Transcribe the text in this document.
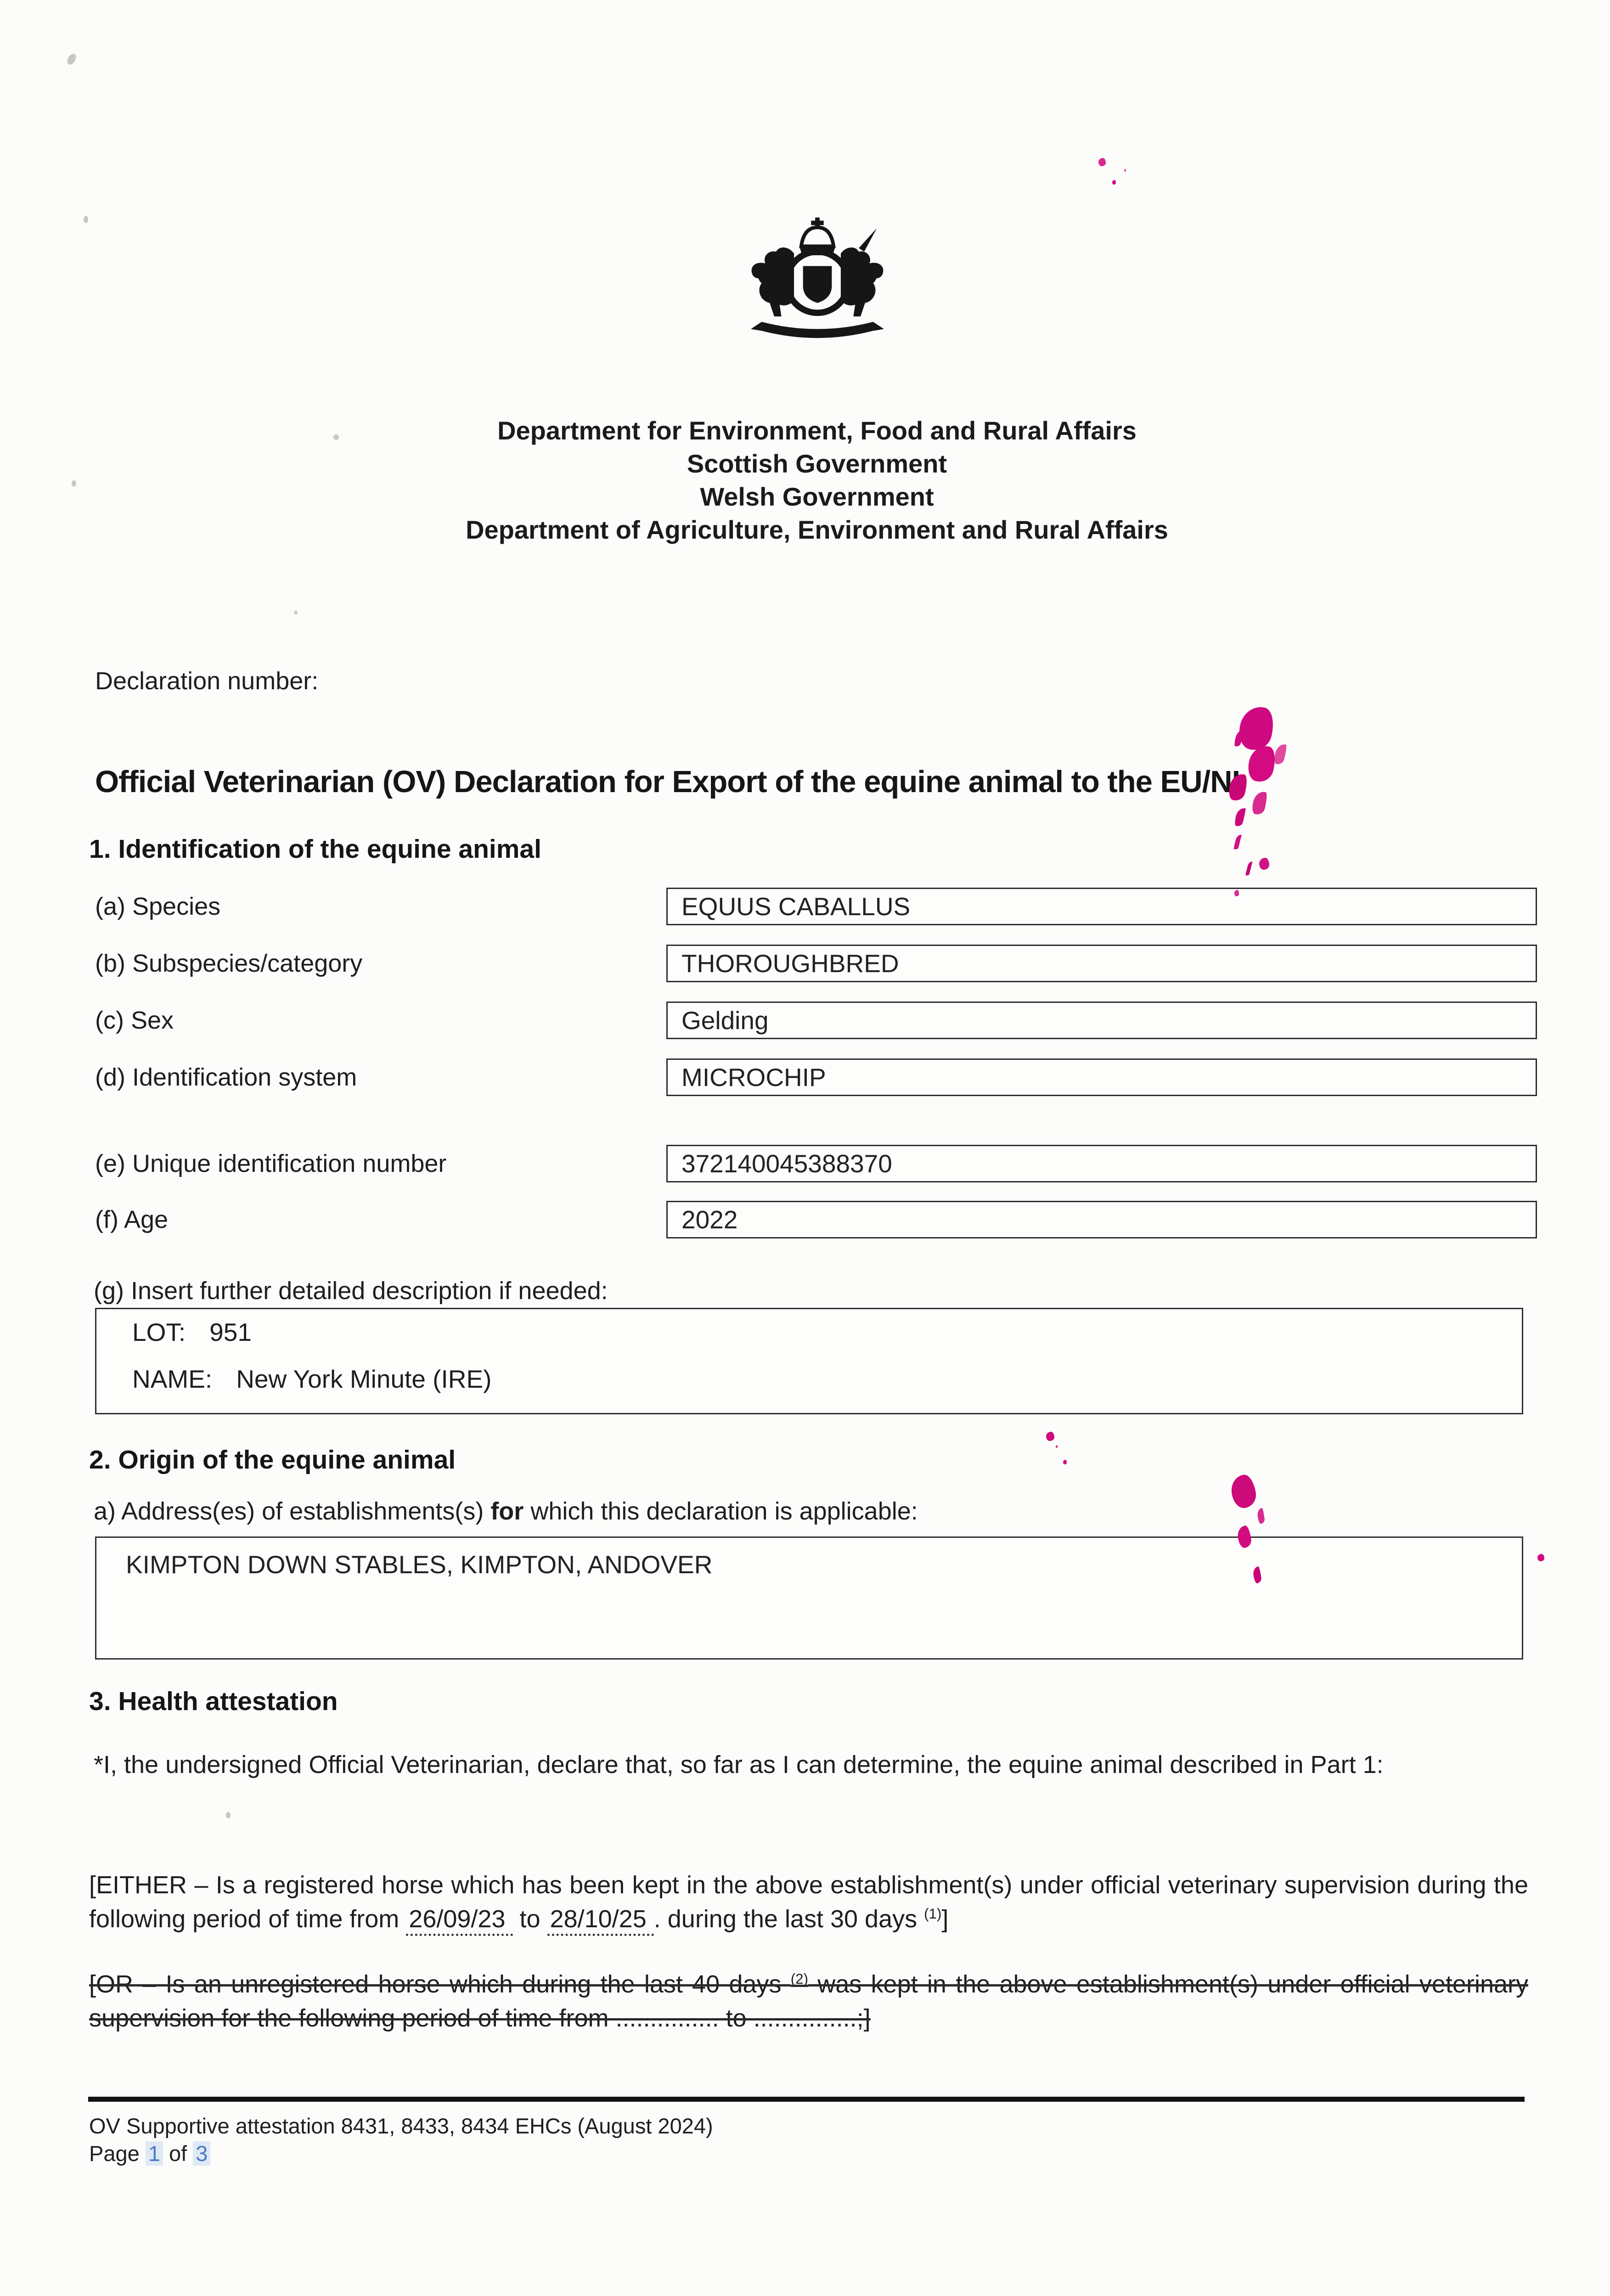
Department for Environment, Food and Rural Affairs
Scottish Government
Welsh Government
Department of Agriculture, Environment and Rural Affairs
Declaration number:
Official Veterinarian (OV) Declaration for Export of the equine animal to the EU/NI
1. Identification of the equine animal
(a) Species	EQUUS CABALLUS
(b) Subspecies/category	THOROUGHBRED
(c) Sex	Gelding
(d) Identification system	MICROCHIP
(e) Unique identification number	372140045388370
(f) Age	2022
(g) Insert further detailed description if needed:
LOT: 951
NAME: New York Minute (IRE)
2. Origin of the equine animal
a) Address(es) of establishments(s) for which this declaration is applicable:
KIMPTON DOWN STABLES, KIMPTON, ANDOVER
3. Health attestation

*I, the undersigned Official Veterinarian, declare that, so far as I can determine, the equine animal described in Part 1:

[EITHER – Is a registered horse which has been kept in the above establishment(s) under official veterinary supervision during the following period of time from 26/09/23 to 28/10/25 . during the last 30 days $^{(1)}$]

[OR – Is an unregistered horse which during the last 40 days $^{(2)}$ was kept in the above establishment(s) under official veterinary supervision for the following period of time from ............... to ...............;]

OV Supportive attestation 8431, 8433, 8434 EHCs (August 2024)
Page 1 of 3
